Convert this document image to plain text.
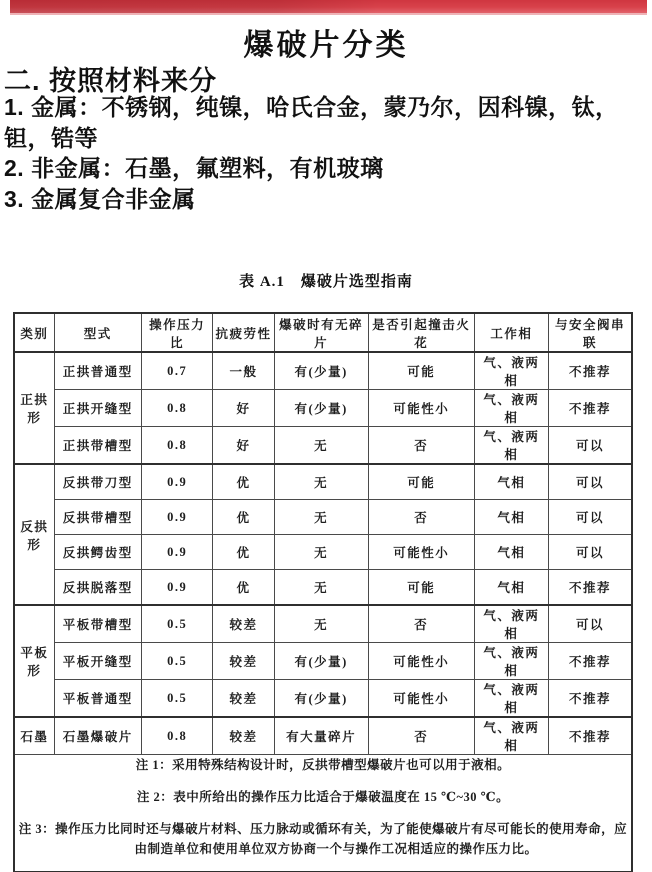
爆破片分类
二. 按照材料来分
1. 金属：不锈钢，纯镍，哈氏合金，蒙乃尔，因科镍，钛，钽，锆等
2. 非金属：石墨，氟塑料，有机玻璃
3. 金属复合非金属
表 A.1　爆破片选型指南
类别	型式	操作压力比	抗疲劳性	爆破时有无碎片	是否引起撞击火花	工作相	与安全阀串联
正拱形	正拱普通型	0.7	一般	有(少量)	可能	气、液两相	不推荐
	正拱开缝型	0.8	好	有(少量)	可能性小	气、液两相	不推荐
	正拱带槽型	0.8	好	无	否	气、液两相	可以
反拱形	反拱带刀型	0.9	优	无	可能	气相	可以
	反拱带槽型	0.9	优	无	否	气相	可以
	反拱鳄齿型	0.9	优	无	可能性小	气相	可以
	反拱脱落型	0.9	优	无	可能	气相	不推荐
平板形	平板带槽型	0.5	较差	无	否	气、液两相	可以
	平板开缝型	0.5	较差	有(少量)	可能性小	气、液两相	不推荐
	平板普通型	0.5	较差	有(少量)	可能性小	气、液两相	不推荐
石墨	石墨爆破片	0.8	较差	有大量碎片	否	气、液两相	不推荐

注 1：采用特殊结构设计时，反拱带槽型爆破片也可以用于液相。
注 2：表中所给出的操作压力比适合于爆破温度在 15 ℃~30 ℃。
注 3：操作压力比同时还与爆破片材料、压力脉动或循环有关，为了能使爆破片有尽可能长的使用寿命，应由制造单位和使用单位双方协商一个与操作工况相适应的操作压力比。							
